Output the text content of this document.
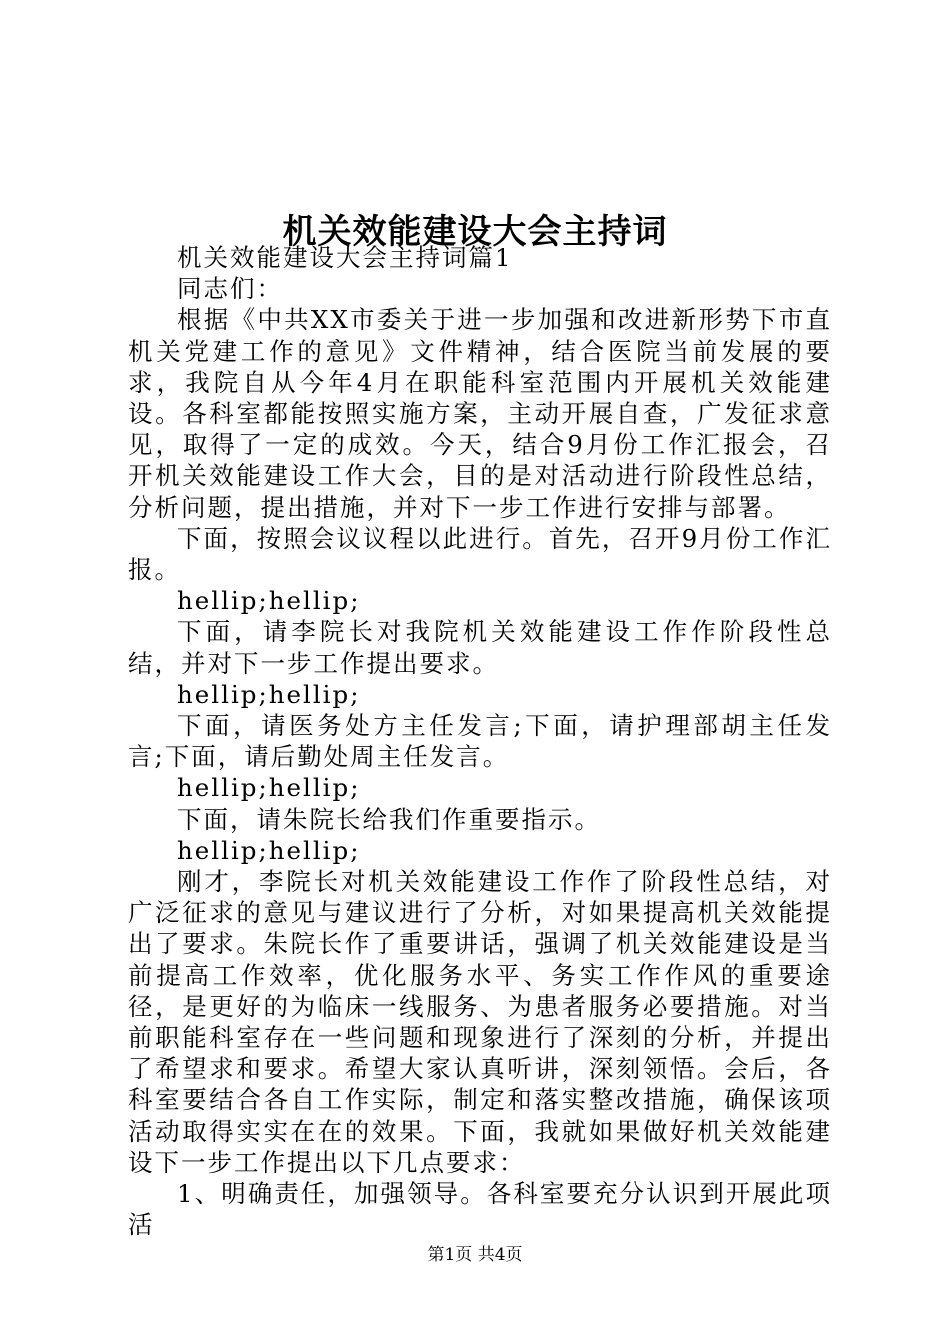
机关效能建设大会主持词

机关效能建设大会主持词篇1

同志们：

根据《中共XX市委关于进一步加强和改进新形势下市直机关党建工作的意见》文件精神，结合医院当前发展的要求，我院自从今年4月在职能科室范围内开展机关效能建设。各科室都能按照实施方案，主动开展自查，广发征求意见，取得了一定的成效。今天，结合9月份工作汇报会，召开机关效能建设工作大会，目的是对活动进行阶段性总结，分析问题，提出措施，并对下一步工作进行安排与部署。

下面，按照会议议程以此进行。首先，召开9月份工作汇报。

hellip;hellip;

下面，请李院长对我院机关效能建设工作作阶段性总结，并对下一步工作提出要求。

hellip;hellip;

下面，请医务处方主任发言;下面，请护理部胡主任发言;下面，请后勤处周主任发言。

hellip;hellip;

下面，请朱院长给我们作重要指示。

hellip;hellip;

刚才，李院长对机关效能建设工作作了阶段性总结，对广泛征求的意见与建议进行了分析，对如果提高机关效能提出了要求。朱院长作了重要讲话，强调了机关效能建设是当前提高工作效率，优化服务水平、务实工作作风的重要途径，是更好的为临床一线服务、为患者服务必要措施。对当前职能科室存在一些问题和现象进行了深刻的分析，并提出了希望求和要求。希望大家认真听讲，深刻领悟。会后，各科室要结合各自工作实际，制定和落实整改措施，确保该项活动取得实实在在的效果。下面，我就如果做好机关效能建设下一步工作提出以下几点要求：

1、明确责任，加强领导。各科室要充分认识到开展此项活

第1页 共4页
